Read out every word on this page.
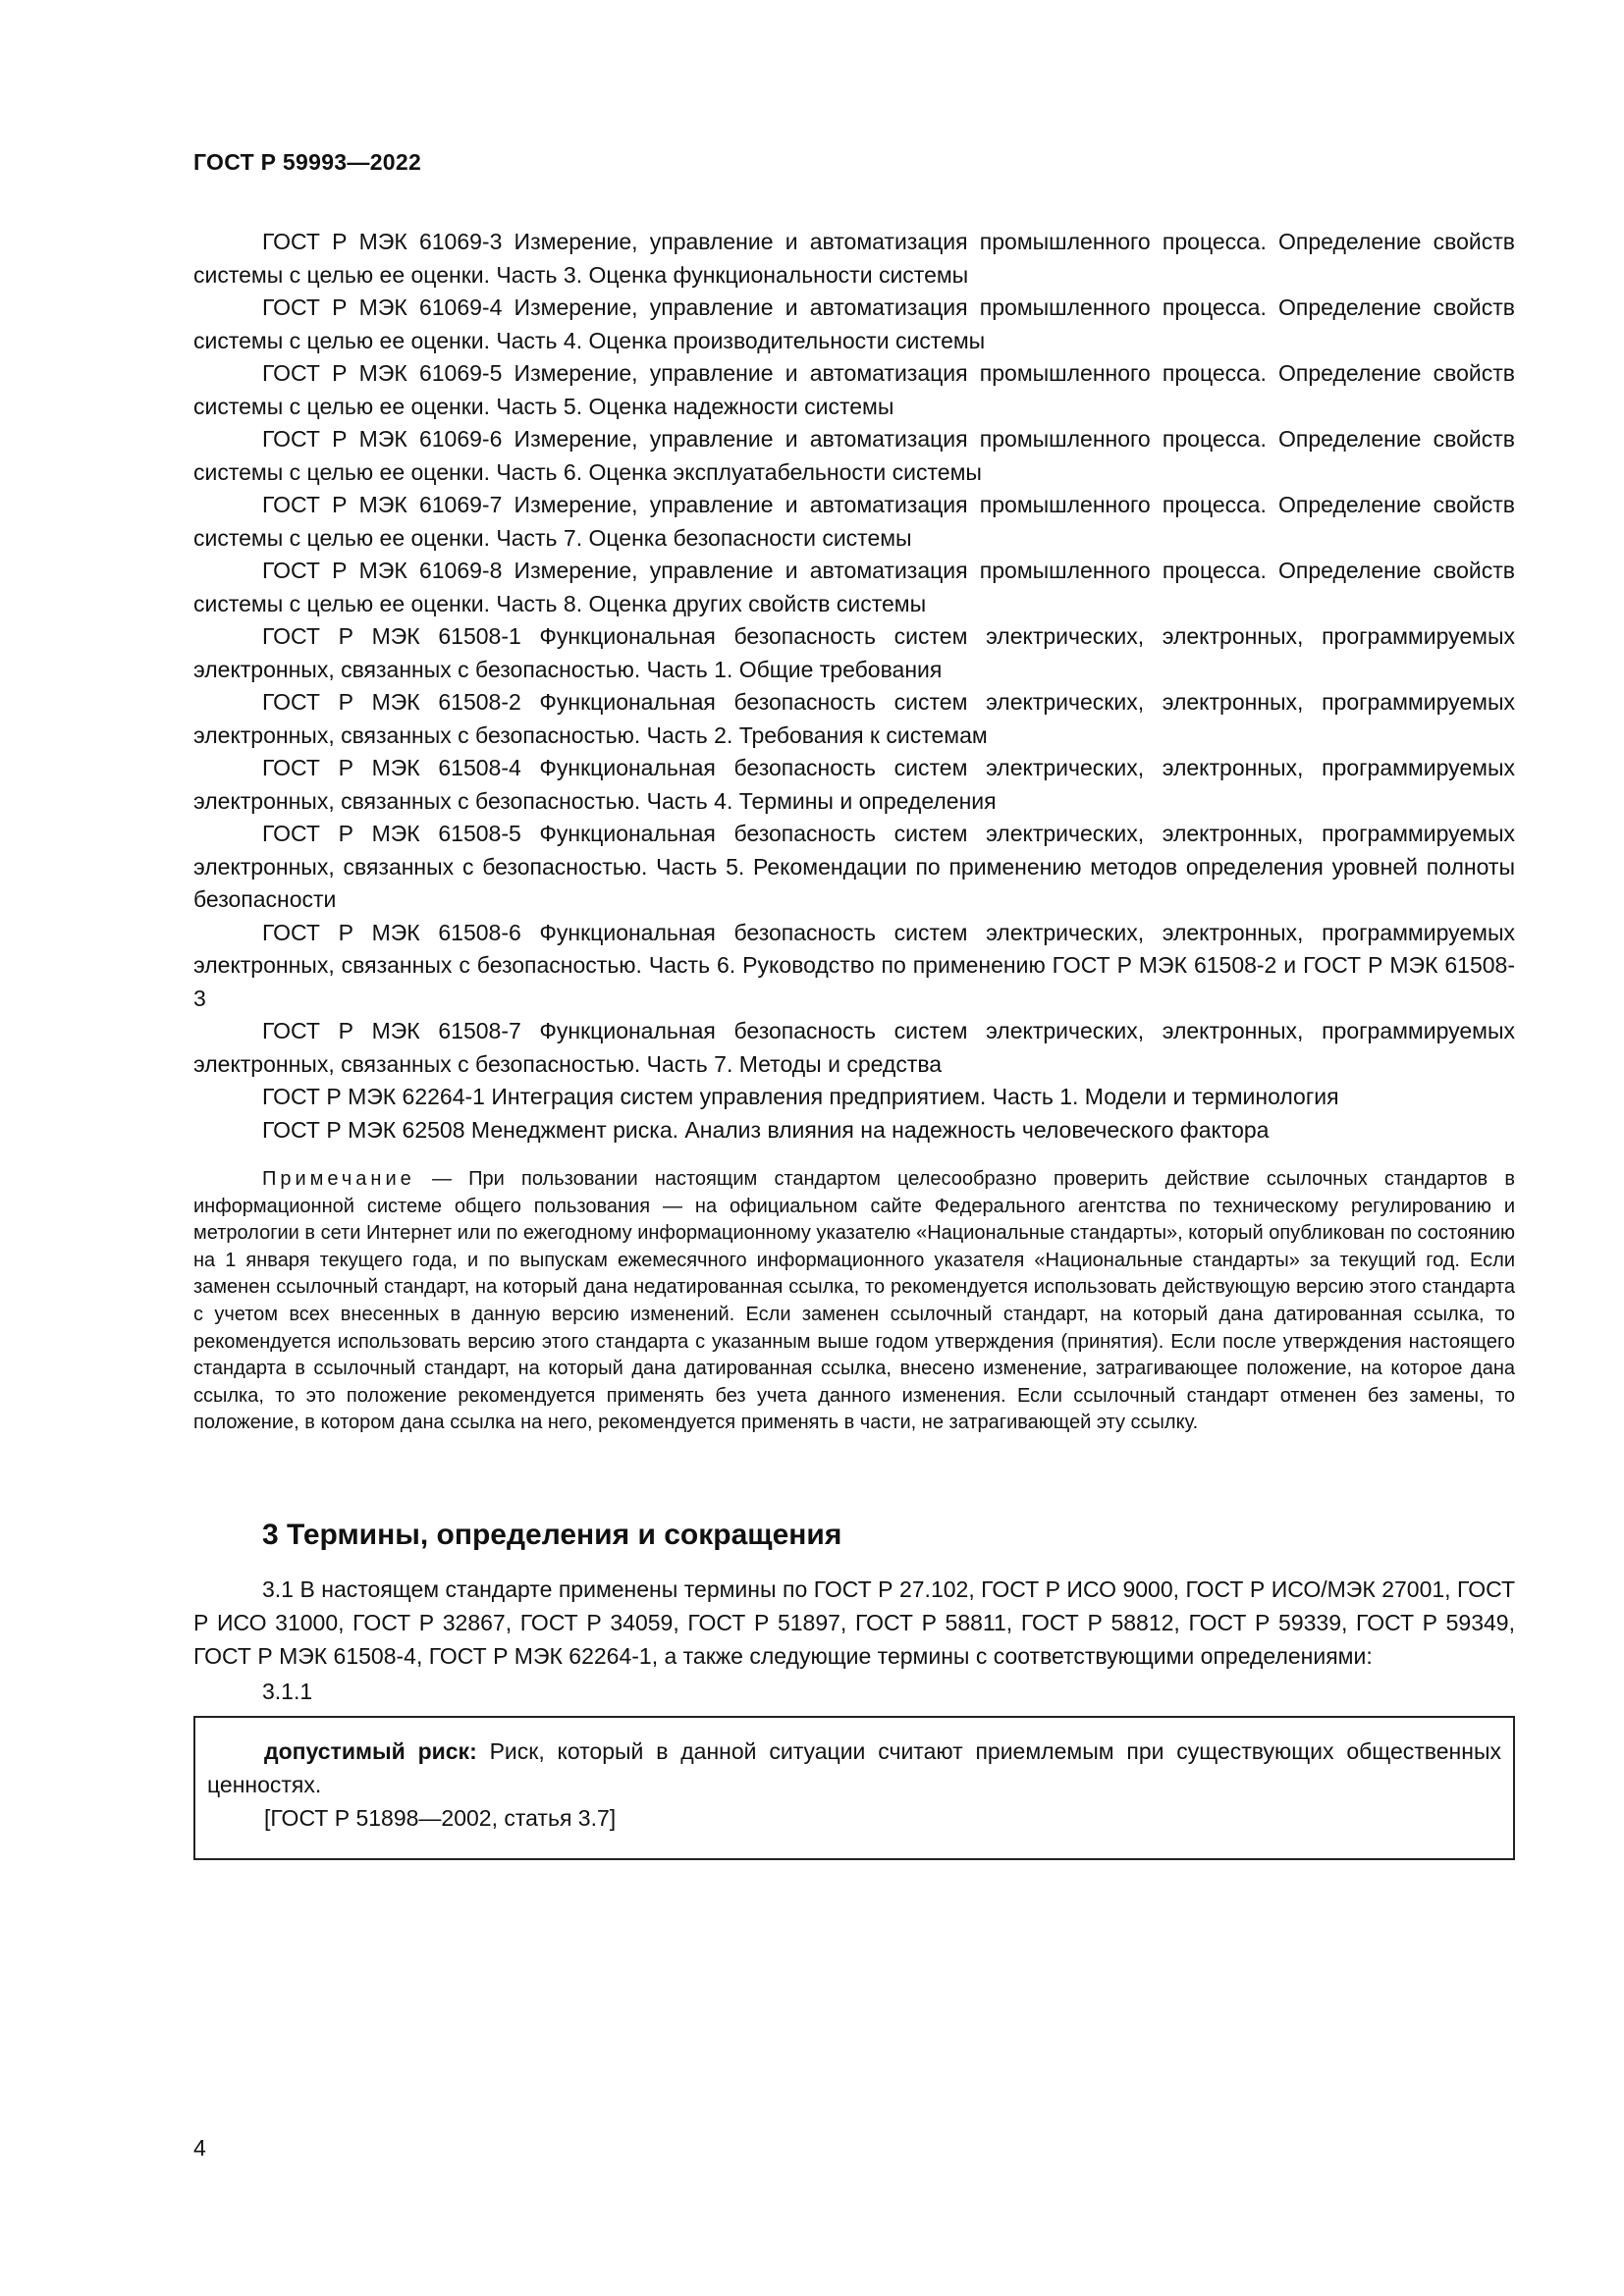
ГОСТ Р 59993—2022

ГОСТ Р МЭК 61069-3 Измерение, управление и автоматизация промышленного процесса. Определение свойств системы с целью ее оценки. Часть 3. Оценка функциональности системы

ГОСТ Р МЭК 61069-4 Измерение, управление и автоматизация промышленного процесса. Определение свойств системы с целью ее оценки. Часть 4. Оценка производительности системы

ГОСТ Р МЭК 61069-5 Измерение, управление и автоматизация промышленного процесса. Определение свойств системы с целью ее оценки. Часть 5. Оценка надежности системы

ГОСТ Р МЭК 61069-6 Измерение, управление и автоматизация промышленного процесса. Определение свойств системы с целью ее оценки. Часть 6. Оценка эксплуатабельности системы

ГОСТ Р МЭК 61069-7 Измерение, управление и автоматизация промышленного процесса. Определение свойств системы с целью ее оценки. Часть 7. Оценка безопасности системы

ГОСТ Р МЭК 61069-8 Измерение, управление и автоматизация промышленного процесса. Определение свойств системы с целью ее оценки. Часть 8. Оценка других свойств системы

ГОСТ Р МЭК 61508-1 Функциональная безопасность систем электрических, электронных, программируемых электронных, связанных с безопасностью. Часть 1. Общие требования

ГОСТ Р МЭК 61508-2 Функциональная безопасность систем электрических, электронных, программируемых электронных, связанных с безопасностью. Часть 2. Требования к системам

ГОСТ Р МЭК 61508-4 Функциональная безопасность систем электрических, электронных, программируемых электронных, связанных с безопасностью. Часть 4. Термины и определения

ГОСТ Р МЭК 61508-5 Функциональная безопасность систем электрических, электронных, программируемых электронных, связанных с безопасностью. Часть 5. Рекомендации по применению методов определения уровней полноты безопасности

ГОСТ Р МЭК 61508-6 Функциональная безопасность систем электрических, электронных, программируемых электронных, связанных с безопасностью. Часть 6. Руководство по применению ГОСТ Р МЭК 61508-2 и ГОСТ Р МЭК 61508-3

ГОСТ Р МЭК 61508-7 Функциональная безопасность систем электрических, электронных, программируемых электронных, связанных с безопасностью. Часть 7. Методы и средства

ГОСТ Р МЭК 62264-1 Интеграция систем управления предприятием. Часть 1. Модели и терминология

ГОСТ Р МЭК 62508 Менеджмент риска. Анализ влияния на надежность человеческого фактора

Примечание — При пользовании настоящим стандартом целесообразно проверить действие ссылочных стандартов в информационной системе общего пользования — на официальном сайте Федерального агентства по техническому регулированию и метрологии в сети Интернет или по ежегодному информационному указателю «Национальные стандарты», который опубликован по состоянию на 1 января текущего года, и по выпускам ежемесячного информационного указателя «Национальные стандарты» за текущий год. Если заменен ссылочный стандарт, на который дана недатированная ссылка, то рекомендуется использовать действующую версию этого стандарта с учетом всех внесенных в данную версию изменений. Если заменен ссылочный стандарт, на который дана датированная ссылка, то рекомендуется использовать версию этого стандарта с указанным выше годом утверждения (принятия). Если после утверждения настоящего стандарта в ссылочный стандарт, на который дана датированная ссылка, внесено изменение, затрагивающее положение, на которое дана ссылка, то это положение рекомендуется применять без учета данного изменения. Если ссылочный стандарт отменен без замены, то положение, в котором дана ссылка на него, рекомендуется применять в части, не затрагивающей эту ссылку.
3 Термины, определения и сокращения

3.1 В настоящем стандарте применены термины по ГОСТ Р 27.102, ГОСТ Р ИСО 9000, ГОСТ Р ИСО/МЭК 27001, ГОСТ Р ИСО 31000, ГОСТ Р 32867, ГОСТ Р 34059, ГОСТ Р 51897, ГОСТ Р 58811, ГОСТ Р 58812, ГОСТ Р 59339, ГОСТ Р 59349, ГОСТ Р МЭК 61508-4, ГОСТ Р МЭК 62264-1, а также следующие термины с соответствующими определениями:

3.1.1

допустимый риск: Риск, который в данной ситуации считают приемлемым при существующих общественных ценностях.

[ГОСТ Р 51898—2002, статья 3.7]

4
